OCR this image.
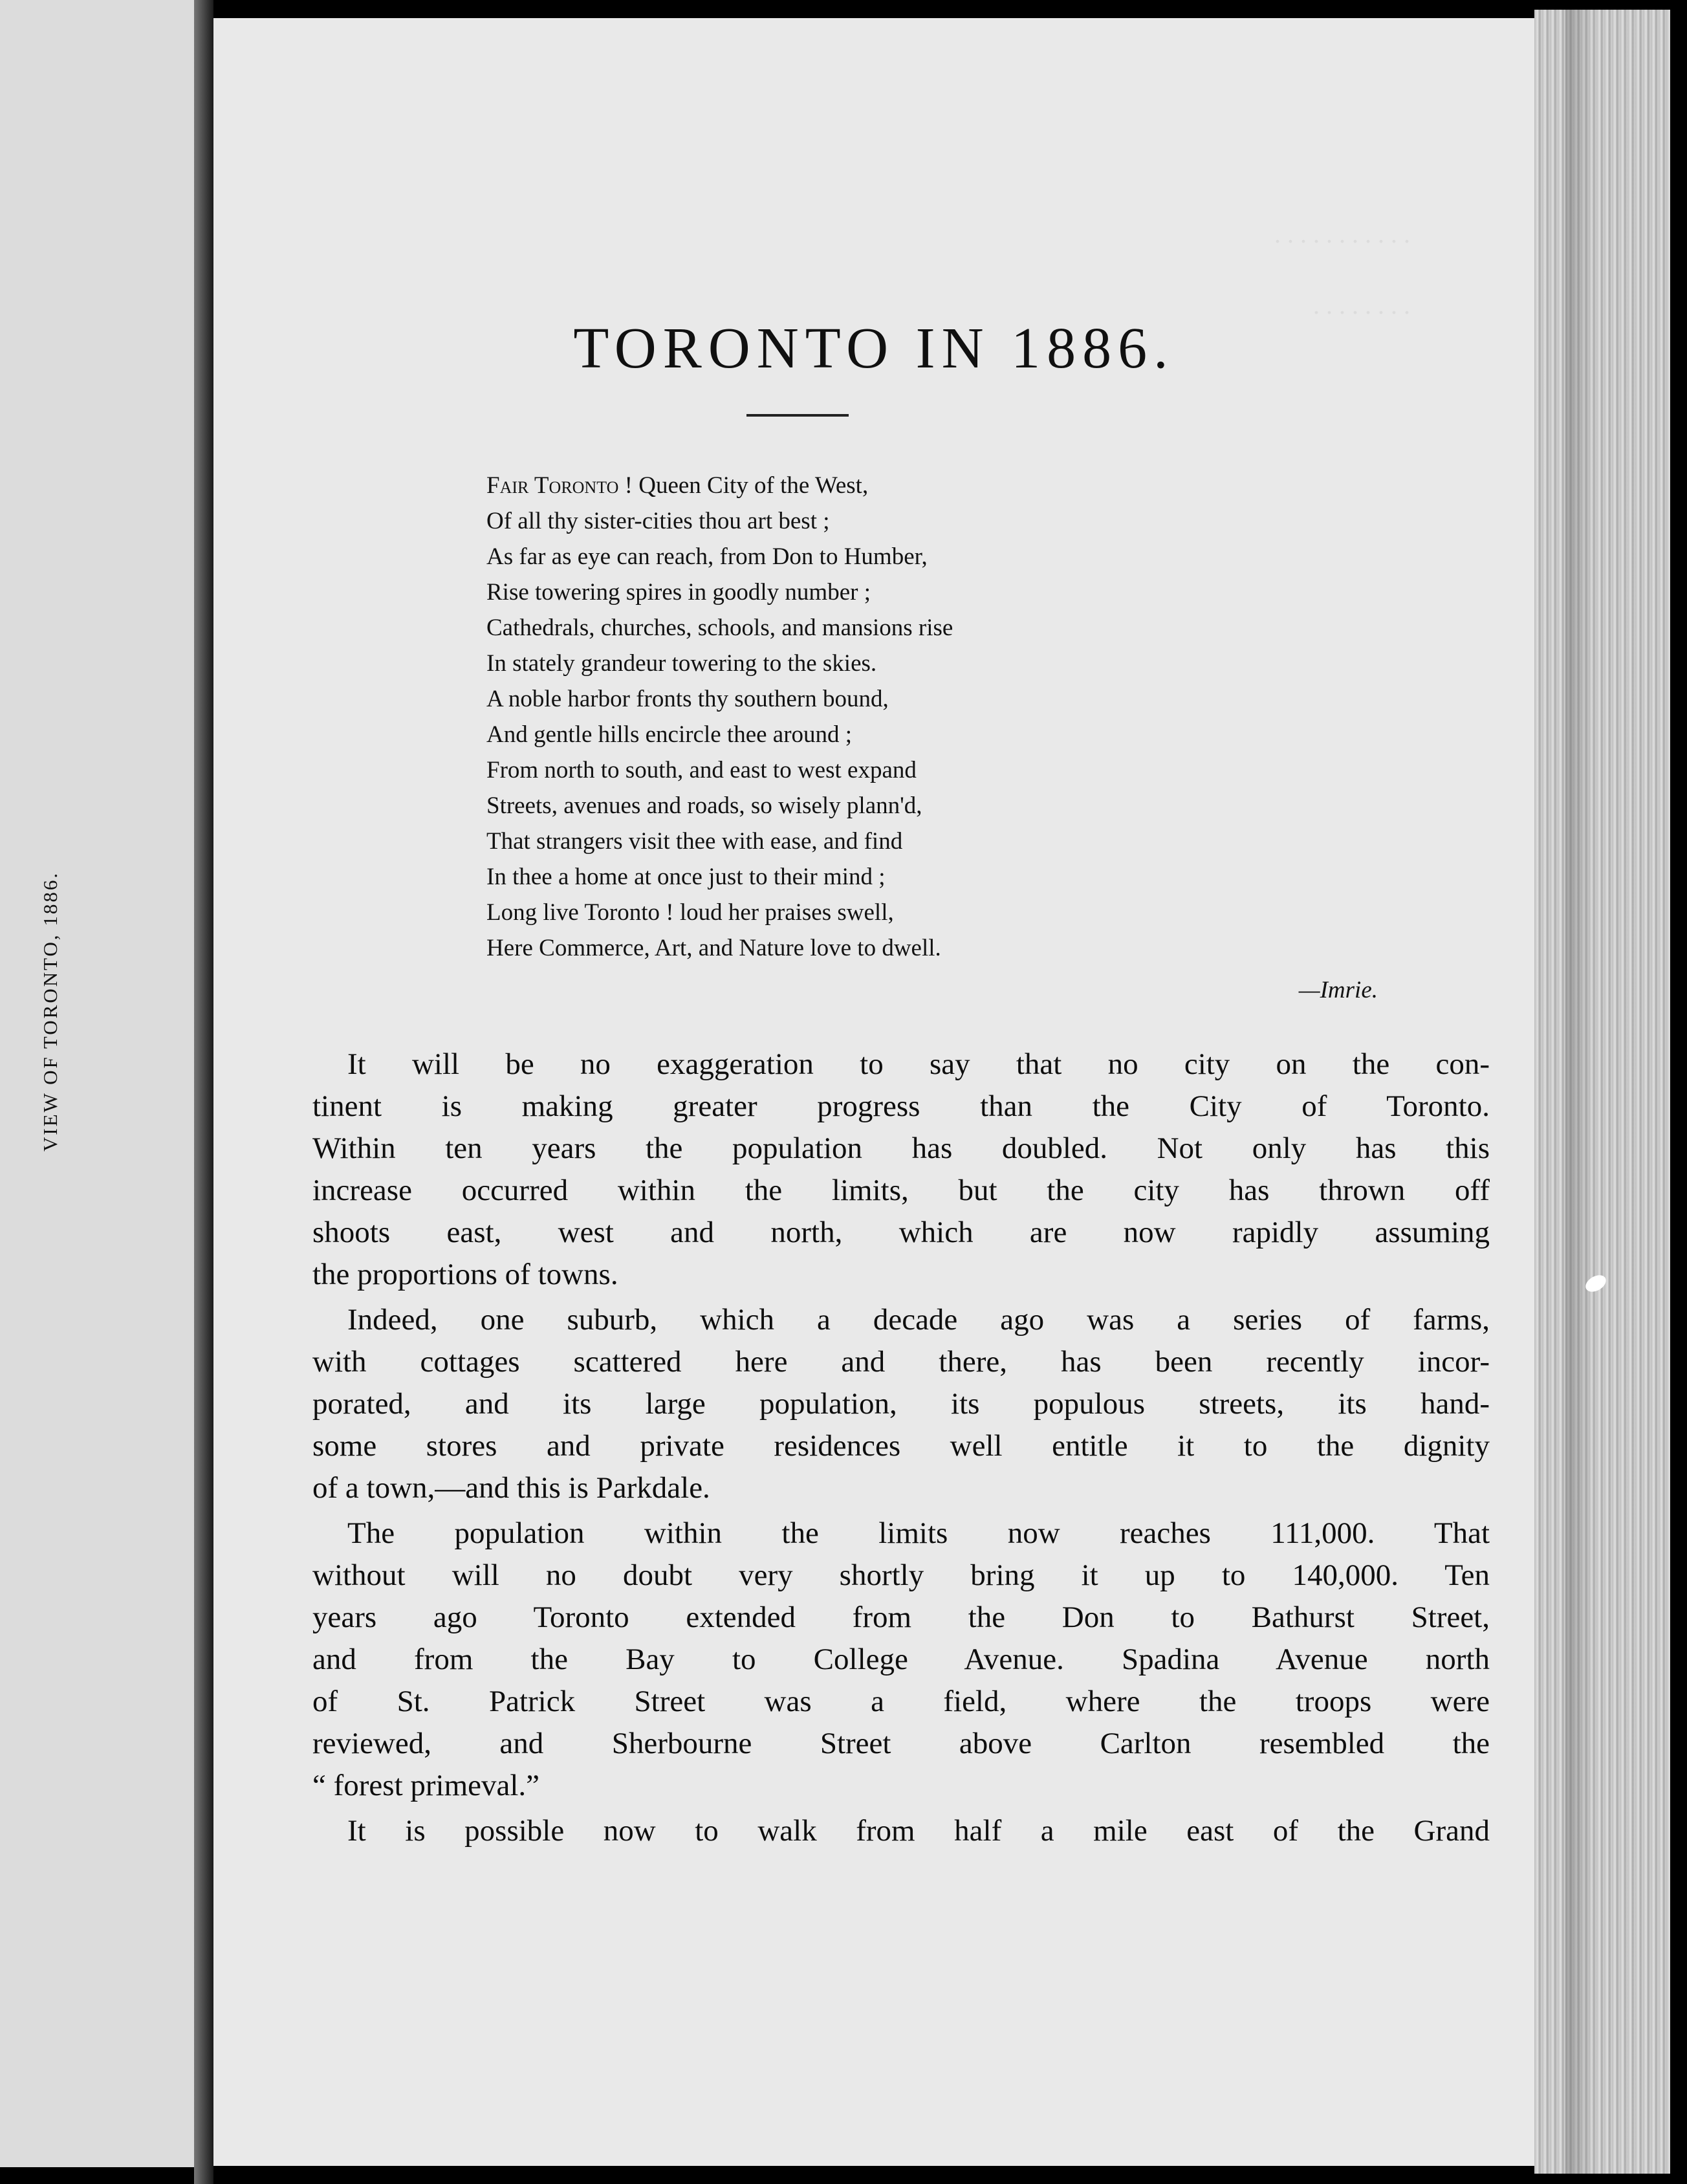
VIEW OF TORONTO, 1886.
. . . . . . . . . . .
. . . . . . . .
TORONTO IN 1886.
Fair Toronto ! Queen City of the West,
Of all thy sister-cities thou art best ;
As far as eye can reach, from Don to Humber,
Rise towering spires in goodly number ;
Cathedrals, churches, schools, and mansions rise
In stately grandeur towering to the skies.
A noble harbor fronts thy southern bound,
And gentle hills encircle thee around ;
From north to south, and east to west expand
Streets, avenues and roads, so wisely plann'd,
That strangers visit thee with ease, and find
In thee a home at once just to their mind ;
Long live Toronto ! loud her praises swell,
Here Commerce, Art, and Nature love to dwell.
—Imrie.
It will be no exaggeration to say that no city on the con-
tinent is making greater progress than the City of Toronto.
Within ten years the population has doubled. Not only has this
increase occurred within the limits, but the city has thrown off
shoots east, west and north, which are now rapidly assuming
the proportions of towns.
Indeed, one suburb, which a decade ago was a series of farms,
with cottages scattered here and there, has been recently incor-
porated, and its large population, its populous streets, its hand-
some stores and private residences well entitle it to the dignity
of a town,—and this is Parkdale.
The population within the limits now reaches 111,000. That
without will no doubt very shortly bring it up to 140,000. Ten
years ago Toronto extended from the Don to Bathurst Street,
and from the Bay to College Avenue. Spadina Avenue north
of St. Patrick Street was a field, where the troops were
reviewed, and Sherbourne Street above Carlton resembled the
“ forest primeval.”
It is possible now to walk from half a mile east of the Grand
